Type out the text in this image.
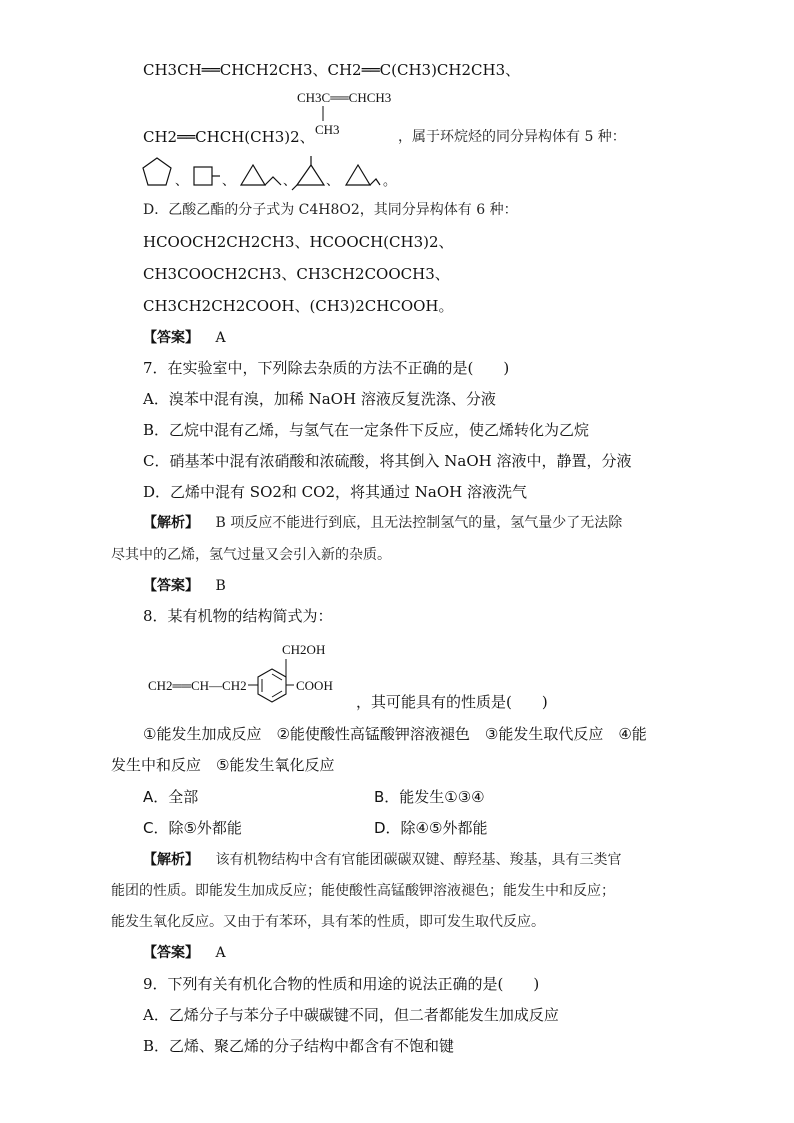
CH3CH══CHCH2CH3、CH2══C(CH3)CH2CH3、
CH3C══CHCH3
CH3
CH2══CHCH(CH3)2、	，属于环烷烃的同分异构体有 5 种：
、	、	、 、	。
D．乙酸乙酯的分子式为 C4H8O2，其同分异构体有 6 种：
HCOOCH2CH2CH3、HCOOCH(CH3)2、
CH3COOCH2CH3、CH3CH2COOCH3、
CH3CH2CH2COOH、(CH3)2CHCOOH。
【答案】 A
7．在实验室中，下列除去杂质的方法不正确的是(　　)
A．溴苯中混有溴，加稀 NaOH 溶液反复洗涤、分液
B．乙烷中混有乙烯，与氢气在一定条件下反应，使乙烯转化为乙烷
C．硝基苯中混有浓硝酸和浓硫酸，将其倒入 NaOH 溶液中，静置，分液
D．乙烯中混有 SO2和 CO2，将其通过 NaOH 溶液洗气
【解析】 B 项反应不能进行到底，且无法控制氢气的量，氢气量少了无法除
尽其中的乙烯，氢气过量又会引入新的杂质。
【答案】 B
8．某有机物的结构简式为：
CH2══CH—CH2
CH2OH
COOH
，其可能具有的性质是(　　)
①能发生加成反应　②能使酸性高锰酸钾溶液褪色　③能发生取代反应　④能
发生中和反应　⑤能发生氧化反应
A．全部	B．能发生①③④
C．除⑤外都能	D．除④⑤外都能
【解析】 该有机物结构中含有官能团碳碳双键、醇羟基、羧基，具有三类官
能团的性质。即能发生加成反应；能使酸性高锰酸钾溶液褪色；能发生中和反应；
能发生氧化反应。又由于有苯环，具有苯的性质，即可发生取代反应。
【答案】 A
9．下列有关有机化合物的性质和用途的说法正确的是(　　)
A．乙烯分子与苯分子中碳碳键不同，但二者都能发生加成反应
B．乙烯、聚乙烯的分子结构中都含有不饱和键
